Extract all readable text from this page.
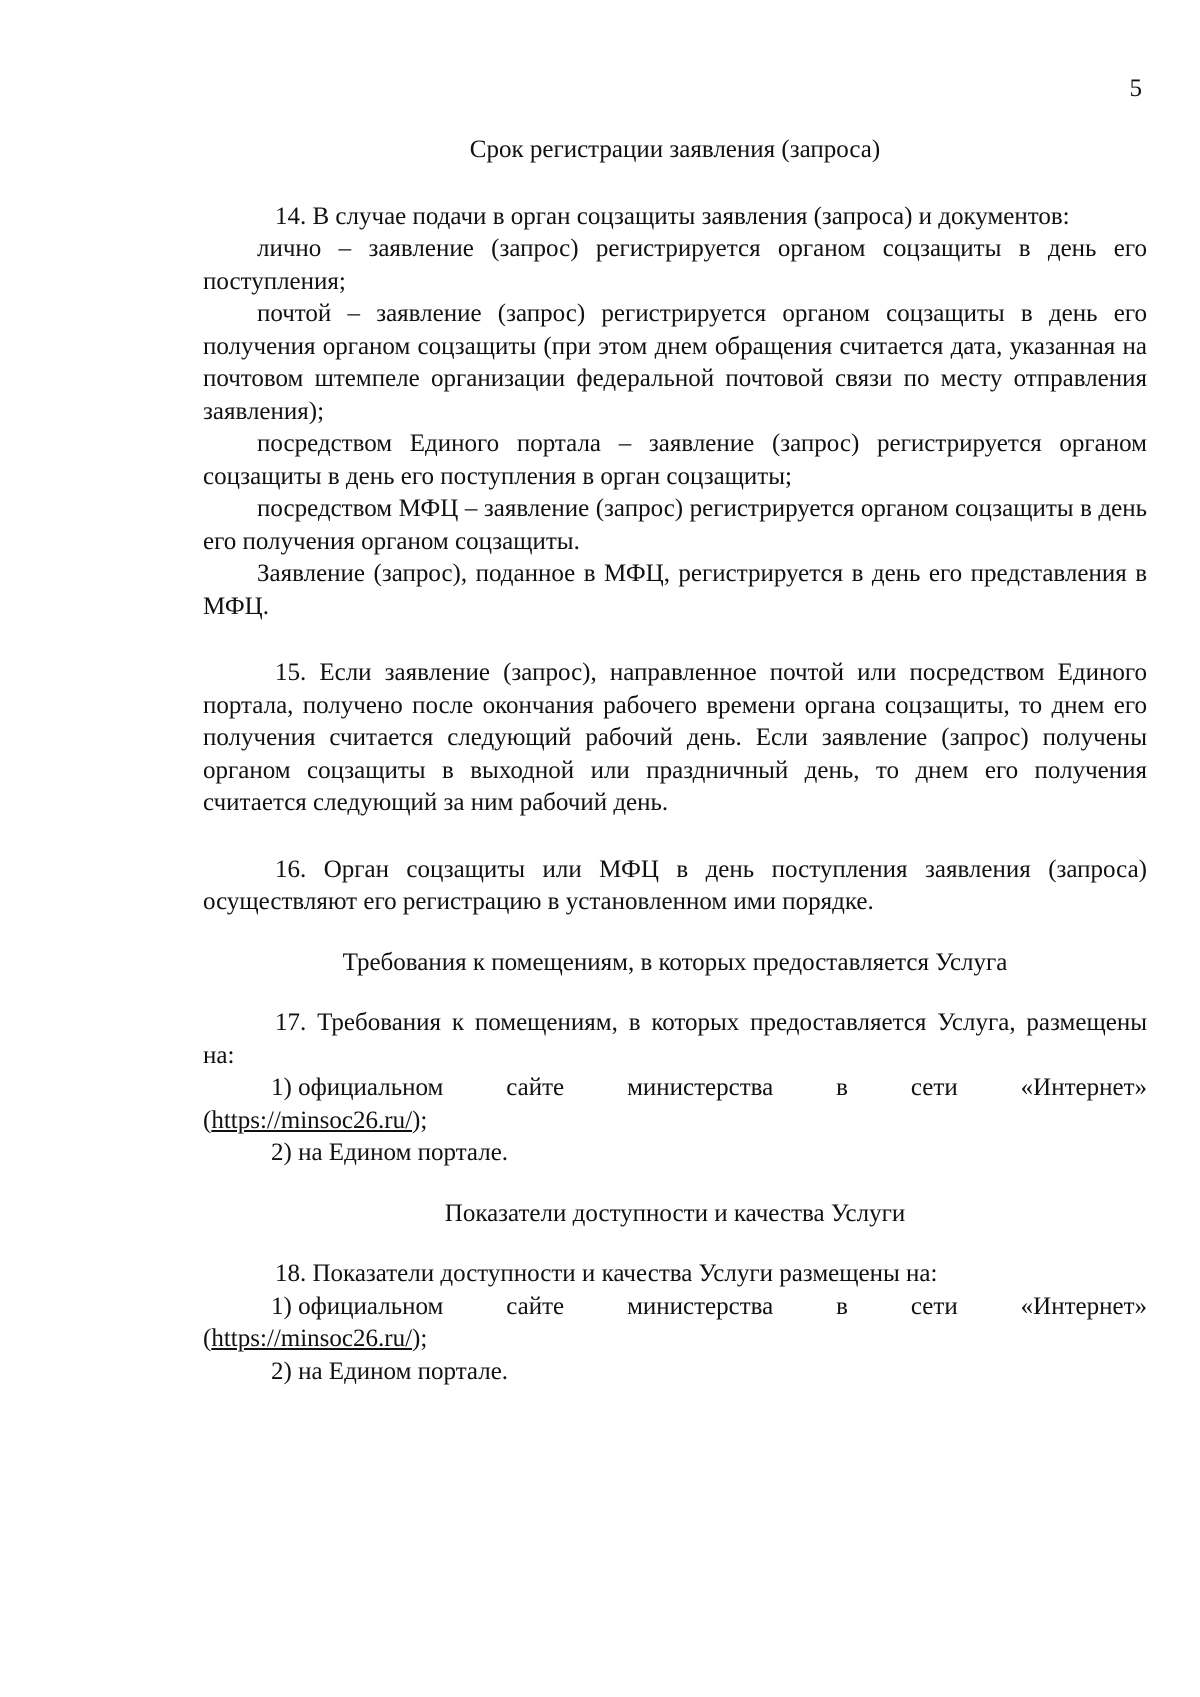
5

Срок регистрации заявления (запроса)

14. В случае подачи в орган соцзащиты заявления (запроса) и документов:

лично – заявление (запрос) регистрируется органом соцзащиты в день его поступления;

почтой – заявление (запрос) регистрируется органом соцзащиты в день его получения органом соцзащиты (при этом днем обращения считается дата, указанная на почтовом штемпеле организации федеральной почтовой связи по месту отправления заявления);

посредством Единого портала – заявление (запрос) регистрируется органом соцзащиты в день его поступления в орган соцзащиты;

посредством МФЦ – заявление (запрос) регистрируется органом соцзащиты в день его получения органом соцзащиты.

Заявление (запрос), поданное в МФЦ, регистрируется в день его представления в МФЦ.

15. Если заявление (запрос), направленное почтой или посредством Единого портала, получено после окончания рабочего времени органа соцзащиты, то днем его получения считается следующий рабочий день. Если заявление (запрос) получены органом соцзащиты в выходной или праздничный день, то днем его получения считается следующий за ним рабочий день.

16. Орган соцзащиты или МФЦ в день поступления заявления (запроса) осуществляют его регистрацию в установленном ими порядке.

Требования к помещениям, в которых предоставляется Услуга

17. Требования к помещениям, в которых предоставляется Услуга, размещены на:

1) официальном	сайте	министерства	в	сети	«Интернет»

(https://minsoc26.ru/);

2) на Едином портале.

Показатели доступности и качества Услуги

18. Показатели доступности и качества Услуги размещены на:

1) официальном	сайте	министерства	в	сети	«Интернет»

(https://minsoc26.ru/);

2) на Едином портале.
